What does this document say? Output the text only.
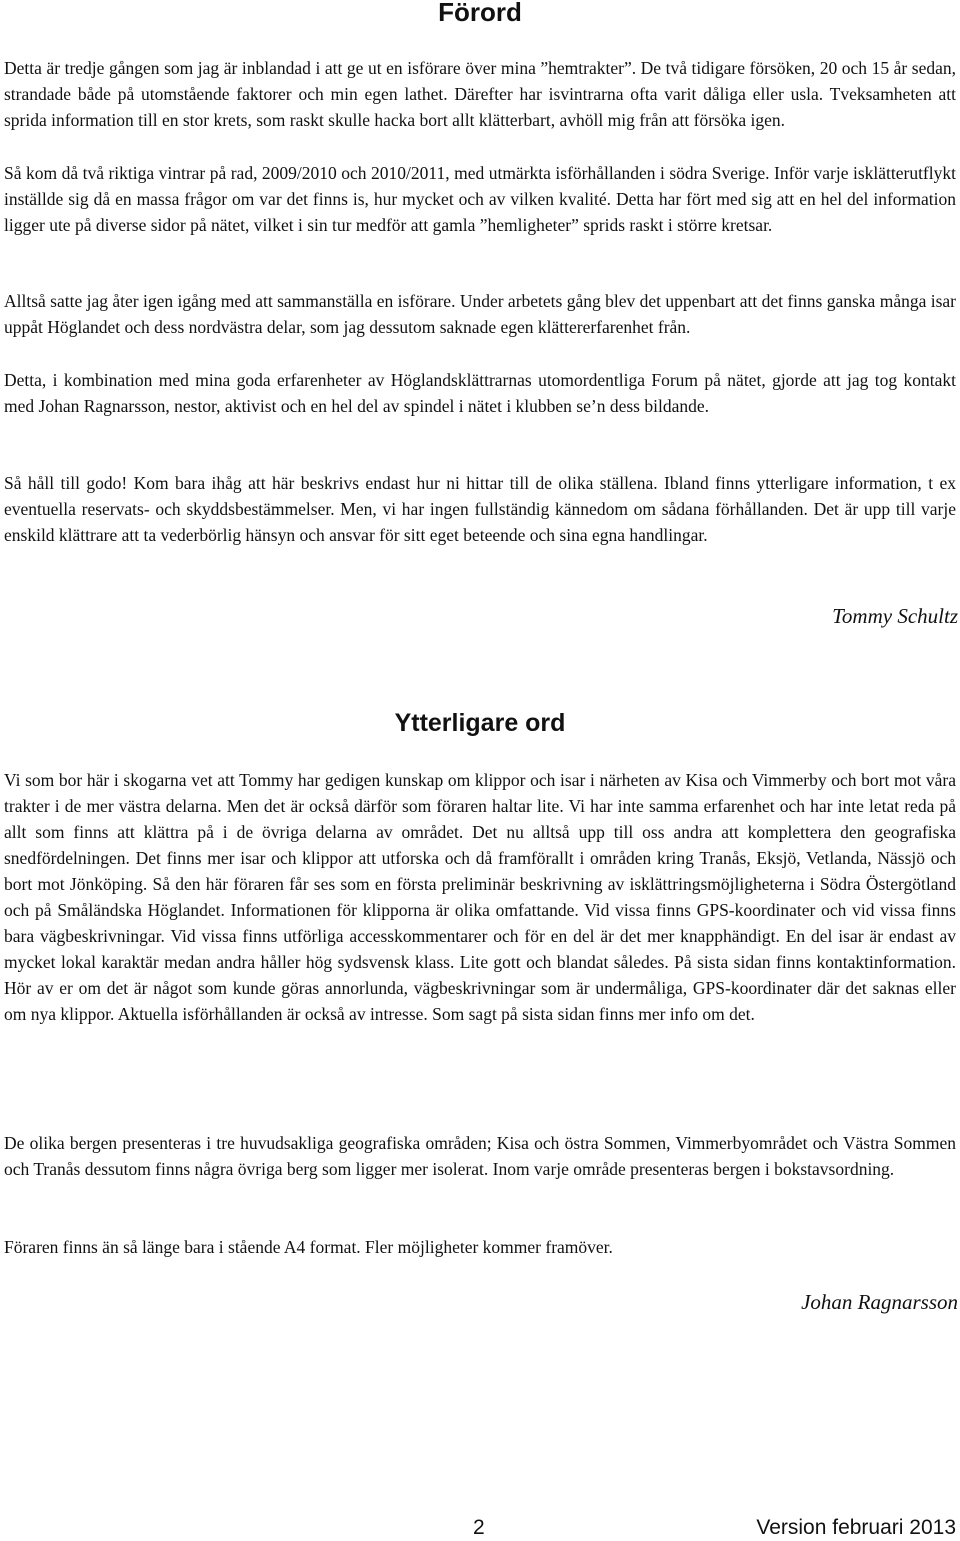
Förord

Detta är tredje gången som jag är inblandad i att ge ut en isförare över mina ”hemtrakter”. De två tidigare försöken, 20 och 15 år sedan, strandade både på utomstående faktorer och min egen lathet. Därefter har isvintrarna ofta varit dåliga eller usla. Tveksamheten att sprida information till en stor krets, som raskt skulle hacka bort allt klätterbart, avhöll mig från att försöka igen.

Så kom då två riktiga vintrar på rad, 2009/2010 och 2010/2011, med utmärkta isförhållanden i södra Sverige. Inför varje isklätterutflykt inställde sig då en massa frågor om var det finns is, hur mycket och av vilken kvalité. Detta har fört med sig att en hel del information ligger ute på diverse sidor på nätet, vilket i sin tur medför att gamla ”hemligheter” sprids raskt i större kretsar.

Alltså satte jag åter igen igång med att sammanställa en isförare. Under arbetets gång blev det uppenbart att det finns ganska många isar uppåt Höglandet och dess nordvästra delar, som jag dessutom saknade egen klättererfarenhet från.

Detta, i kombination med mina goda erfarenheter av Höglandsklättrarnas utomordentliga Forum på nätet, gjorde att jag tog kontakt med Johan Ragnarsson, nestor, aktivist och en hel del av spindel i nätet i klubben se’n dess bildande.

Så håll till godo! Kom bara ihåg att här beskrivs endast hur ni hittar till de olika ställena. Ibland finns ytterligare information, t ex eventuella reservats- och skyddsbestämmelser. Men, vi har ingen fullständig kännedom om sådana förhållanden. Det är upp till varje enskild klättrare att ta vederbörlig hänsyn och ansvar för sitt eget beteende och sina egna handlingar.

Tommy Schultz

Ytterligare ord

Vi som bor här i skogarna vet att Tommy har gedigen kunskap om klippor och isar i närheten av Kisa och Vimmerby och bort mot våra trakter i de mer västra delarna. Men det är också därför som föraren haltar lite. Vi har inte samma erfarenhet och har inte letat reda på allt som finns att klättra på i de övriga delarna av området. Det nu alltså upp till oss andra att komplettera den geografiska snedfördelningen. Det finns mer isar och klippor att utforska och då framförallt i områden kring Tranås, Eksjö, Vetlanda, Nässjö och bort mot Jönköping. Så den här föraren får ses som en första preliminär beskrivning av isklättringsmöjligheterna i Södra Östergötland och på Småländska Höglandet. Informationen för klipporna är olika omfattande. Vid vissa finns GPS-koordinater och vid vissa finns bara vägbeskrivningar. Vid vissa finns utförliga accesskommentarer och för en del är det mer knapphändigt. En del isar är endast av mycket lokal karaktär medan andra håller hög sydsvensk klass. Lite gott och blandat således. På sista sidan finns kontaktinformation. Hör av er om det är något som kunde göras annorlunda, vägbeskrivningar som är undermåliga, GPS-koordinater där det saknas eller om nya klippor. Aktuella isförhållanden är också av intresse. Som sagt på sista sidan finns mer info om det.

De olika bergen presenteras i tre huvudsakliga geografiska områden; Kisa och östra Sommen, Vimmerbyområdet och Västra Sommen och Tranås dessutom finns några övriga berg som ligger mer isolerat. Inom varje område presenteras bergen i bokstavsordning.

Föraren finns än så länge bara i stående A4 format. Fler möjligheter kommer framöver.

Johan Ragnarsson

2	Version februari 2013
